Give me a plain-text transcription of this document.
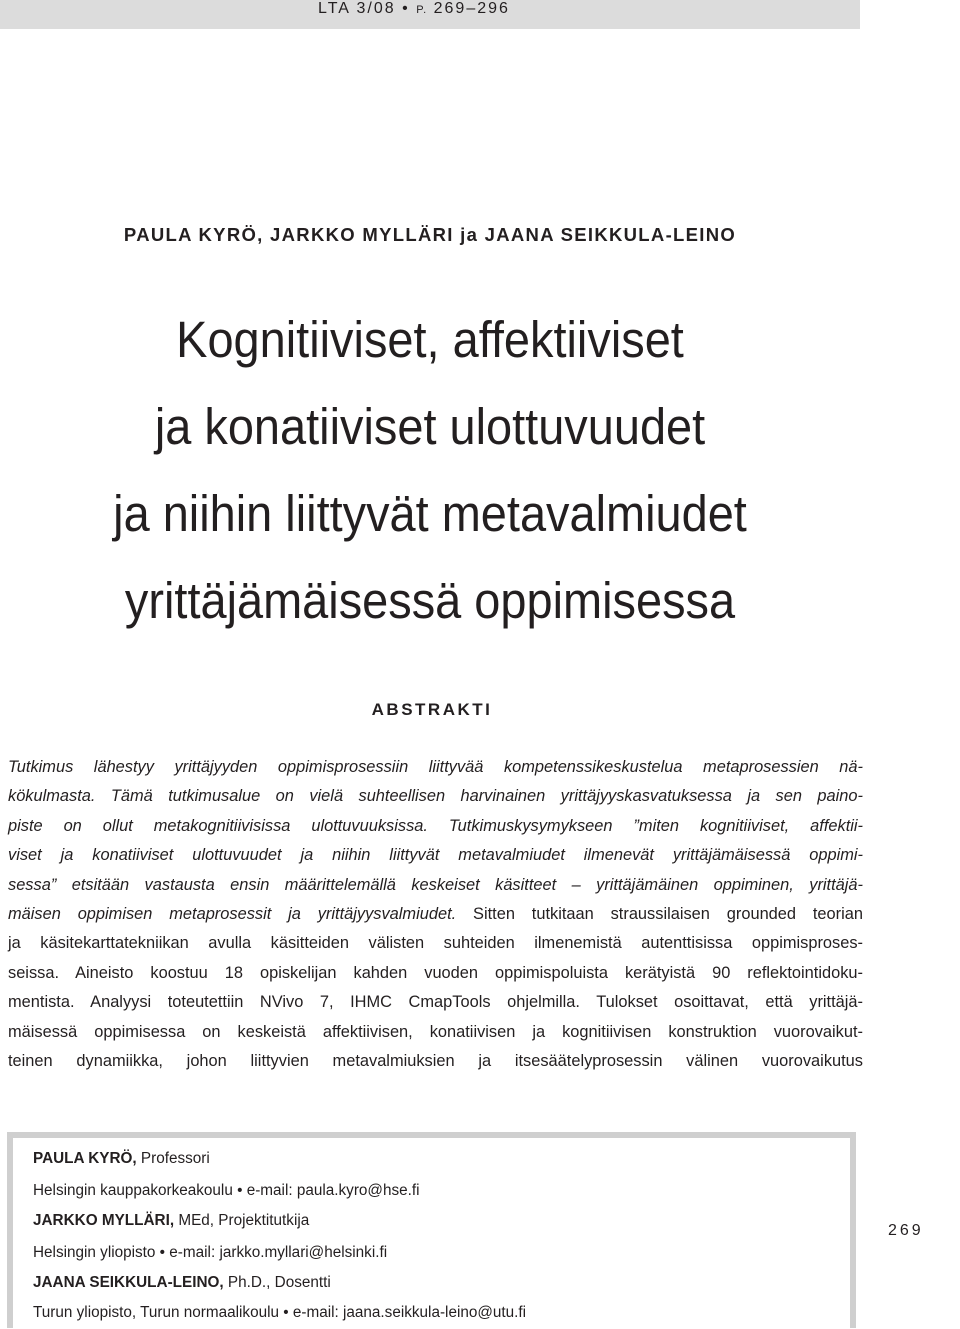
LTA 3/08 • P. 269–296
PAULA KYRÖ, JARKKO MYLLÄRI ja JAANA SEIKKULA-LEINO
Kognitiiviset, affektiiviset
ja konatiiviset ulottuvuudet
ja niihin liittyvät metavalmiudet
yrittäjämäisessä oppimisessa
ABSTRAKTI
Tutkimus lähestyy yrittäjyyden oppimisprosessiin liittyvää kompetenssikeskustelua metaprosessien nä-
kökulmasta. Tämä tutkimusalue on vielä suhteellisen harvinainen yrittäjyyskasvatuksessa ja sen paino-
piste on ollut metakognitiivisissa ulottuvuuksissa. Tutkimuskysymykseen ”miten kognitiiviset, affektii-
viset ja konatiiviset ulottuvuudet ja niihin liittyvät metavalmiudet ilmenevät yrittäjämäisessä oppimi-
sessa” etsitään vastausta ensin määrittelemällä keskeiset käsitteet – yrittäjämäinen oppiminen, yrittäjä-
mäisen oppimisen metaprosessit ja yrittäjyysvalmiudet. Sitten tutkitaan straussilaisen grounded teorian
ja käsitekarttatekniikan avulla käsitteiden välisten suhteiden ilmenemistä autenttisissa oppimisproses-
seissa. Aineisto koostuu 18 opiskelijan kahden vuoden oppimispoluista kerätyistä 90 reflektointidoku-
mentista. Analyysi toteutettiin NVivo 7, IHMC CmapTools ohjelmilla. Tulokset osoittavat, että yrittäjä-
mäisessä oppimisessa on keskeistä affektiivisen, konatiivisen ja kognitiivisen konstruktion vuorovaikut-
teinen dynamiikka, johon liittyvien metavalmiuksien ja itsesäätelyprosessin välinen vuorovaikutus
PAULA KYRÖ, Professori
Helsingin kauppakorkeakoulu • e-mail: paula.kyro@hse.fi
JARKKO MYLLÄRI, MEd, Projektitutkija
Helsingin yliopisto • e-mail: jarkko.myllari@helsinki.fi
JAANA SEIKKULA-LEINO, Ph.D., Dosentti
Turun yliopisto, Turun normaalikoulu • e-mail: jaana.seikkula-leino@utu.fi
269
